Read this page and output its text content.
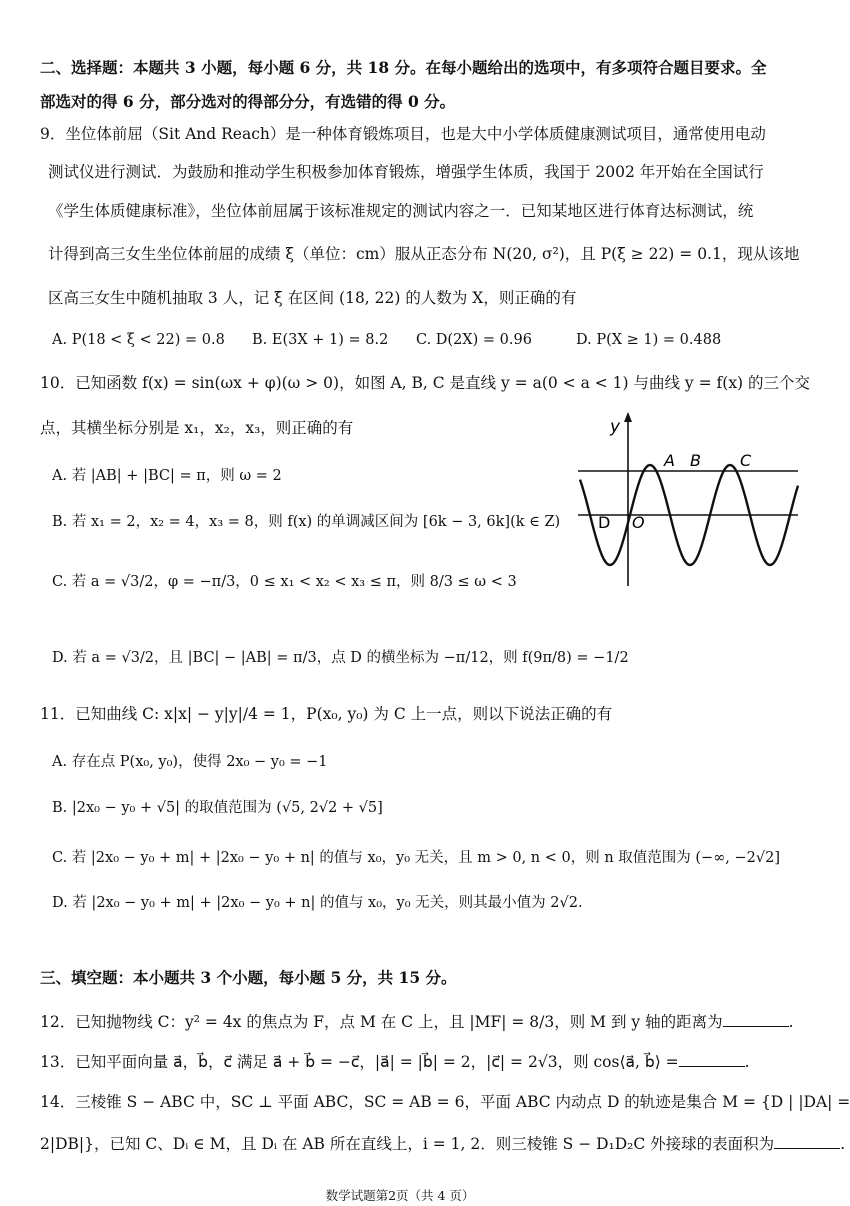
二、选择题：本题共 3 小题，每小题 6 分，共 18 分。在每小题给出的选项中，有多项符合题目要求。全
部选对的得 6 分，部分选对的得部分分，有选错的得 0 分。
9．坐位体前屈（Sit And Reach）是一种体育锻炼项目，也是大中小学体质健康测试项目，通常使用电动
测试仪进行测试．为鼓励和推动学生积极参加体育锻炼，增强学生体质，我国于 2002 年开始在全国试行
《学生体质健康标准》，坐位体前屈属于该标准规定的测试内容之一．已知某地区进行体育达标测试，统
计得到高三女生坐位体前屈的成绩 ξ（单位：cm）服从正态分布 N(20, σ²)，且 P(ξ ≥ 22) = 0.1，现从该地
区高三女生中随机抽取 3 人，记 ξ 在区间 (18, 22) 的人数为 X，则正确的有
A. P(18 < ξ < 22) = 0.8 B. E(3X + 1) = 8.2 C. D(2X) = 0.96	D. P(X ≥ 1) = 0.488
10．已知函数 f(x) = sin(ωx + φ)(ω > 0)，如图 A, B, C 是直线 y = a(0 < a < 1) 与曲线 y = f(x) 的三个交
点，其横坐标分别是 x₁，x₂，x₃，则正确的有
A. 若 |AB| + |BC| = π，则 ω = 2
B. 若 x₁ = 2，x₂ = 4，x₃ = 8，则 f(x) 的单调减区间为 [6k − 3, 6k](k ∈ Z)
C. 若 a = √3/2，φ = −π/3，0 ≤ x₁ < x₂ < x₃ ≤ π，则 8/3 ≤ ω < 3
D. 若 a = √3/2，且 |BC| − |AB| = π/3，点 D 的横坐标为 −π/12，则 f(9π/8) = −1/2
y
O
A B C
D
11．已知曲线 C: x|x| − y|y|/4 = 1，P(x₀, y₀) 为 C 上一点，则以下说法正确的有
A. 存在点 P(x₀, y₀)，使得 2x₀ − y₀ = −1
B. |2x₀ − y₀ + √5| 的取值范围为 (√5, 2√2 + √5]
C. 若 |2x₀ − y₀ + m| + |2x₀ − y₀ + n| 的值与 x₀，y₀ 无关，且 m > 0, n < 0，则 n 取值范围为 (−∞, −2√2]
D. 若 |2x₀ − y₀ + m| + |2x₀ − y₀ + n| 的值与 x₀，y₀ 无关，则其最小值为 2√2.
三、填空题：本小题共 3 个小题，每小题 5 分，共 15 分。
12．已知抛物线 C：y² = 4x 的焦点为 F，点 M 在 C 上，且 |MF| = 8/3，则 M 到 y 轴的距离为	.
13．已知平面向量 a⃗，b⃗，c⃗ 满足 a⃗ + b⃗ = −c⃗，|a⃗| = |b⃗| = 2，|c⃗| = 2√3，则 cos⟨a⃗, b⃗⟩ =	.
14．三棱锥 S − ABC 中，SC ⊥ 平面 ABC，SC = AB = 6，平面 ABC 内动点 D 的轨迹是集合 M = {D | |DA| =
2|DB|}，已知 C、Dᵢ ∈ M，且 Dᵢ 在 AB 所在直线上，i = 1, 2．则三棱锥 S − D₁D₂C 外接球的表面积为	.
数学试题第2页（共 4 页）
